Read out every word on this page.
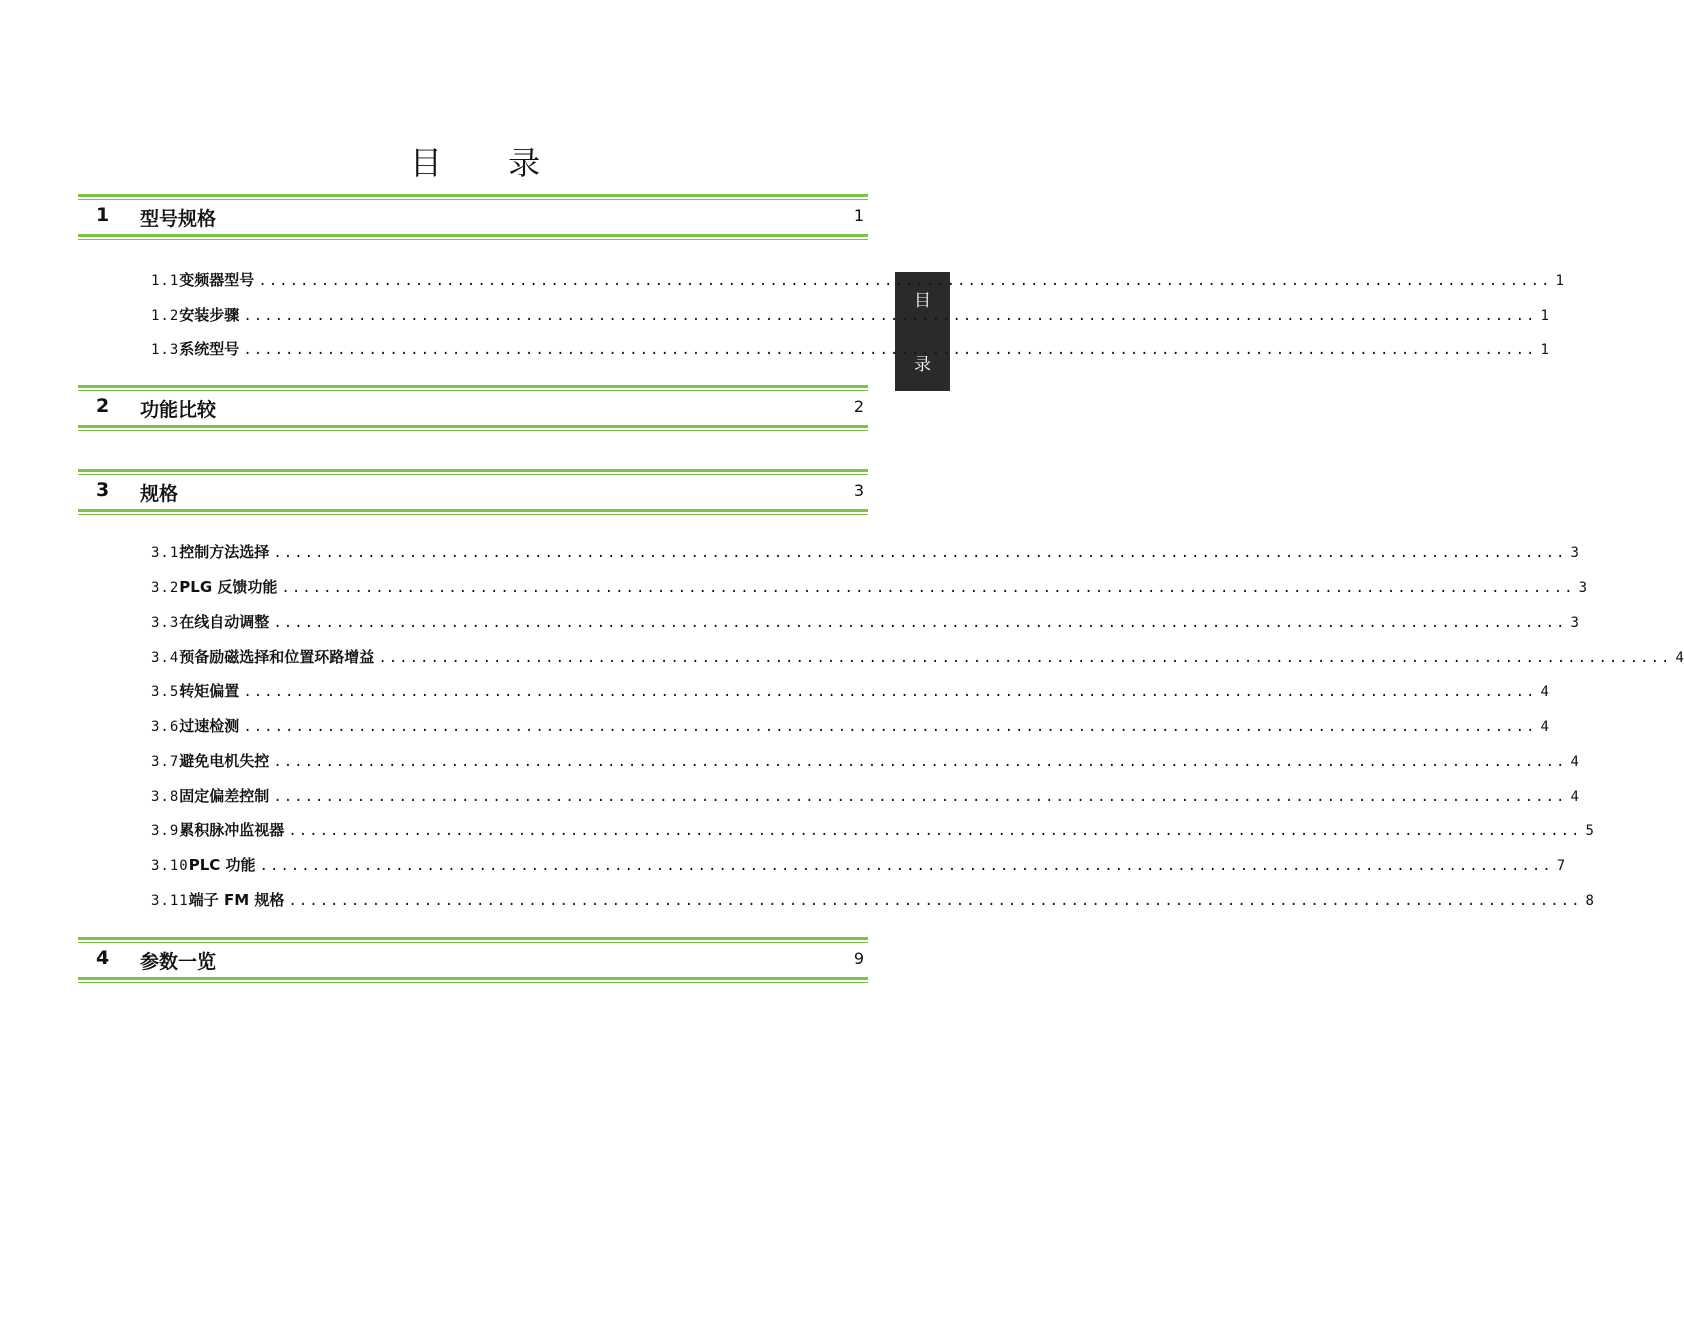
目 录
目
录
1 型号规格	1
1.1 变频器型号 ............................................................................................................................ 1
1.2 安装步骤 ............................................................................................................................ 1
1.3 系统型号 ............................................................................................................................ 1
2 功能比较	2
3 规格	3
3.1 控制方法选择 ............................................................................................................................ 3
3.2 PLG 反馈功能 ............................................................................................................................ 3
3.3 在线自动调整 ............................................................................................................................ 3
3.4 预备励磁选择和位置环路增益 ............................................................................................................................ 4
3.5 转矩偏置 ............................................................................................................................ 4
3.6 过速检测 ............................................................................................................................ 4
3.7 避免电机失控 ............................................................................................................................ 4
3.8 固定偏差控制 ............................................................................................................................ 4
3.9 累积脉冲监视器 ............................................................................................................................ 5
3.10 PLC 功能 ............................................................................................................................ 7
3.11 端子 FM 规格 ............................................................................................................................ 8
4 参数一览	9
